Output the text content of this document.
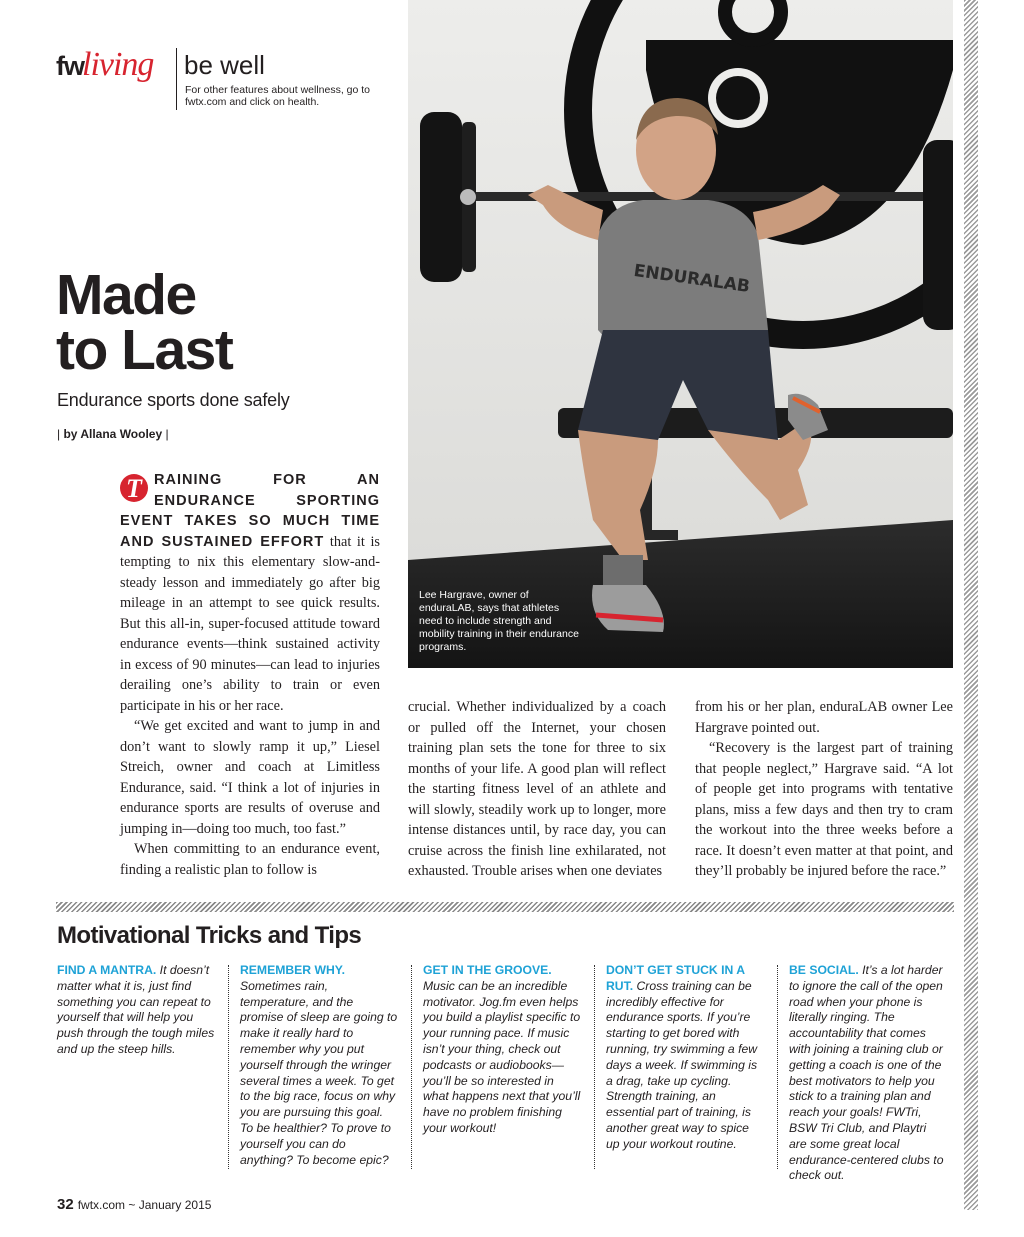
fwliving be well
For other features about wellness, go to fwtx.com and click on health.
Made
to Last
Endurance sports done safely
| by Allana Wooley |
ENDURALAB
Lee Hargrave, owner of enduraLAB, says that athletes need to include strength and mobility training in their endurance programs.

T RAINING FOR AN ENDURANCE SPORTING EVENT TAKES SO MUCH TIME AND SUSTAINED EFFORT that it is tempting to nix this elementary slow-and-steady lesson and immediately go after big mileage in an attempt to see quick results. But this all-in, super-focused attitude toward endurance events—think sustained activity in excess of 90 minutes—can lead to injuries derailing one’s ability to train or even participate in his or her race.

“We get excited and want to jump in and don’t want to slowly ramp it up,” Liesel Streich, owner and coach at Limitless Endurance, said. “I think a lot of injuries in endurance sports are results of overuse and jumping in—doing too much, too fast.”

When committing to an endurance event, finding a realistic plan to follow is

crucial. Whether individualized by a coach or pulled off the Internet, your chosen training plan sets the tone for three to six months of your life. A good plan will reflect the starting fitness level of an athlete and will slowly, steadily work up to longer, more intense distances until, by race day, you can cruise across the finish line exhilarated, not exhausted. Trouble arises when one deviates

from his or her plan, enduraLAB owner Lee Hargrave pointed out.

“Recovery is the largest part of training that people neglect,” Hargrave said. “A lot of people get into programs with tentative plans, miss a few days and then try to cram the workout into the three weeks before a race. It doesn’t even matter at that point, and they’ll probably be injured before the race.”

Motivational Tricks and Tips
FIND A MANTRA. It doesn’t matter what it is, just find something you can repeat to yourself that will help you push through the tough miles and up the steep hills.
REMEMBER WHY. Sometimes rain, temperature, and the promise of sleep are going to make it really hard to remember why you put yourself through the wringer several times a week. To get to the big race, focus on why you are pursuing this goal. To be healthier? To prove to yourself you can do anything? To become epic?
GET IN THE GROOVE. Music can be an incredible motivator. Jog.fm even helps you build a playlist specific to your running pace. If music isn’t your thing, check out podcasts or audiobooks—you’ll be so interested in what happens next that you’ll have no problem finishing your workout!
DON’T GET STUCK IN A RUT. Cross training can be incredibly effective for endurance sports. If you’re starting to get bored with running, try swimming a few days a week. If swimming is a drag, take up cycling. Strength training, an essential part of training, is another great way to spice up your workout routine.
BE SOCIAL. It’s a lot harder to ignore the call of the open road when your phone is literally ringing. The accountability that comes with joining a training club or getting a coach is one of the best motivators to help you stick to a training plan and reach your goals! FWTri, BSW Tri Club, and Playtri are some great local endurance-centered clubs to check out.
32 fwtx.com ~ January 2015
